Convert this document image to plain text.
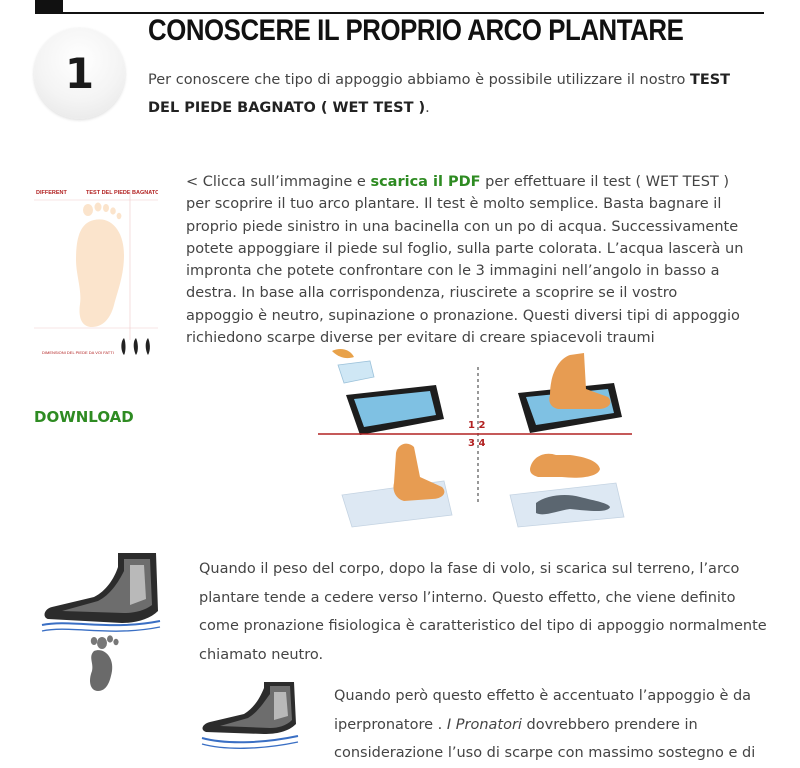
1
CONOSCERE IL PROPRIO ARCO PLANTARE
Per conoscere che tipo di appoggio abbiamo è possibile utilizzare il nostro TEST DEL PIEDE BAGNATO ( WET TEST ).
DIFFERENT	TEST DEL PIEDE BAGNATO
DIMENSIONI DEL PIEDE DA VOI FATTI
DOWNLOAD
< Clicca sull’immagine e scarica il PDF per effettuare il test ( WET TEST ) per scoprire il tuo arco plantare. Il test è molto semplice. Basta bagnare il proprio piede sinistro in una bacinella con un po di acqua. Successivamente potete appoggiare il piede sul foglio, sulla parte colorata. L’acqua lascerà un impronta che potete confrontare con le 3 immagini nell’angolo in basso a destra. In base alla corrispondenza, riuscirete a scoprire se il vostro appoggio è neutro, supinazione o pronazione. Questi diversi tipi di appoggio richiedono scarpe diverse per evitare di creare spiacevoli traumi
1 2
3 4
Quando il peso del corpo, dopo la fase di volo, si scarica sul terreno, l’arco plantare tende a cedere verso l’interno. Questo effetto, che viene definito come pronazione fisiologica è caratteristico del tipo di appoggio normalmente chiamato neutro.
Quando però questo effetto è accentuato l’appoggio è da iperpronatore . I Pronatori dovrebbero prendere in considerazione l’uso di scarpe con massimo sostegno e di
